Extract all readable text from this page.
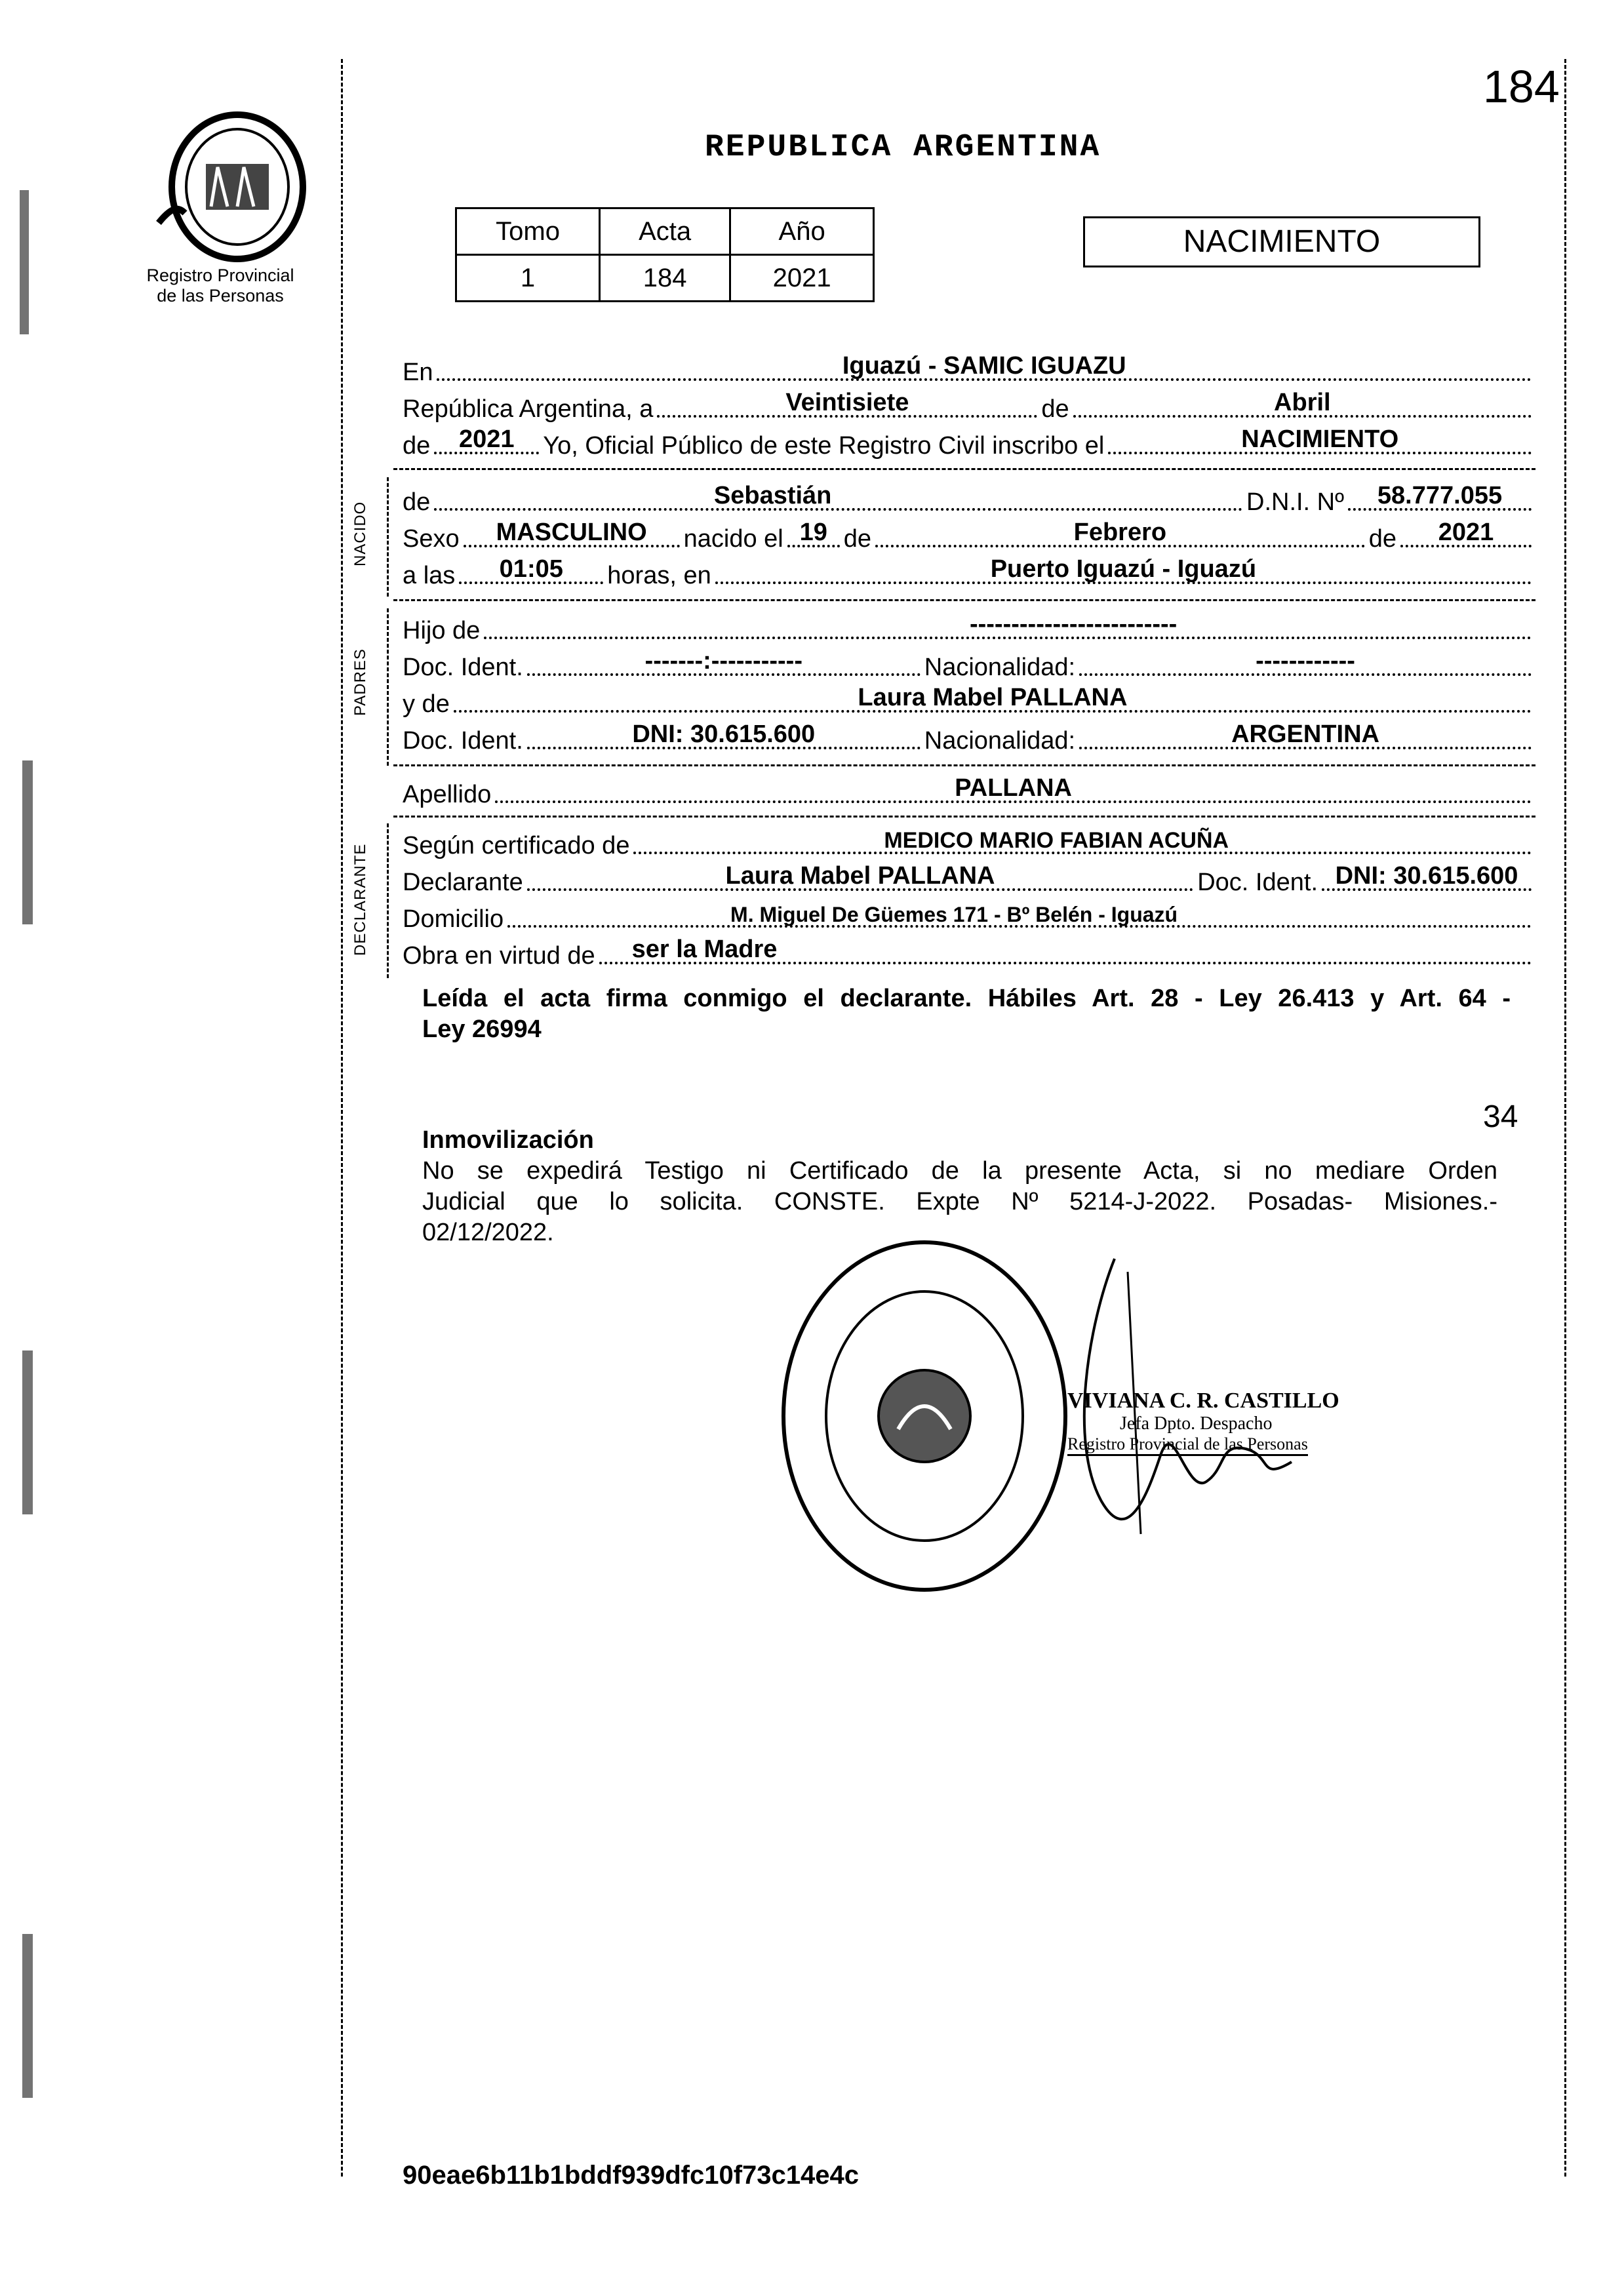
184
Registro Provincial
de las Personas
REPUBLICA ARGENTINA
Tomo	Acta	Año
1	184	2021
NACIMIENTO
En	Iguazú - SAMIC IGUAZU
República Argentina, a	Veintisiete	de	Abril
de	2021	Yo, Oficial Público de este Registro Civil inscribo el	NACIMIENTO
NACIDO de	Sebastián	D.N.I. Nº	58.777.055
Sexo	MASCULINO	nacido el 19 de	Febrero	de	2021
a las	01:05	horas, en	Puerto Iguazú - Iguazú
PADRES
Hijo de	-------------------------
Doc. Ident.	-------:-----------	Nacionalidad:	------------
y de	Laura Mabel PALLANA
Doc. Ident.	DNI: 30.615.600	Nacionalidad:	ARGENTINA
Apellido	PALLANA
DECLARANTE Según certificado de	MEDICO MARIO FABIAN ACUÑA
Declarante	Laura Mabel PALLANA	Doc. Ident. DNI: 30.615.600
Domicilio	M. Miguel De Güemes 171 - Bº Belén - Iguazú
Obra en virtud de	ser la Madre
Leída el acta firma conmigo el declarante. Hábiles Art. 28 - Ley 26.413 y Art. 64 -
Ley 26994
34
Inmovilización
No se expedirá Testigo ni Certificado de la presente Acta, si no mediare Orden
Judicial que lo solicita. CONSTE. Expte Nº 5214-J-2022. Posadas- Misiones.-
02/12/2022.
VIVIANA C. R. CASTILLO
Jefa Dpto. Despacho
Registro Provincial de las Personas
90eae6b11b1bddf939dfc10f73c14e4c
